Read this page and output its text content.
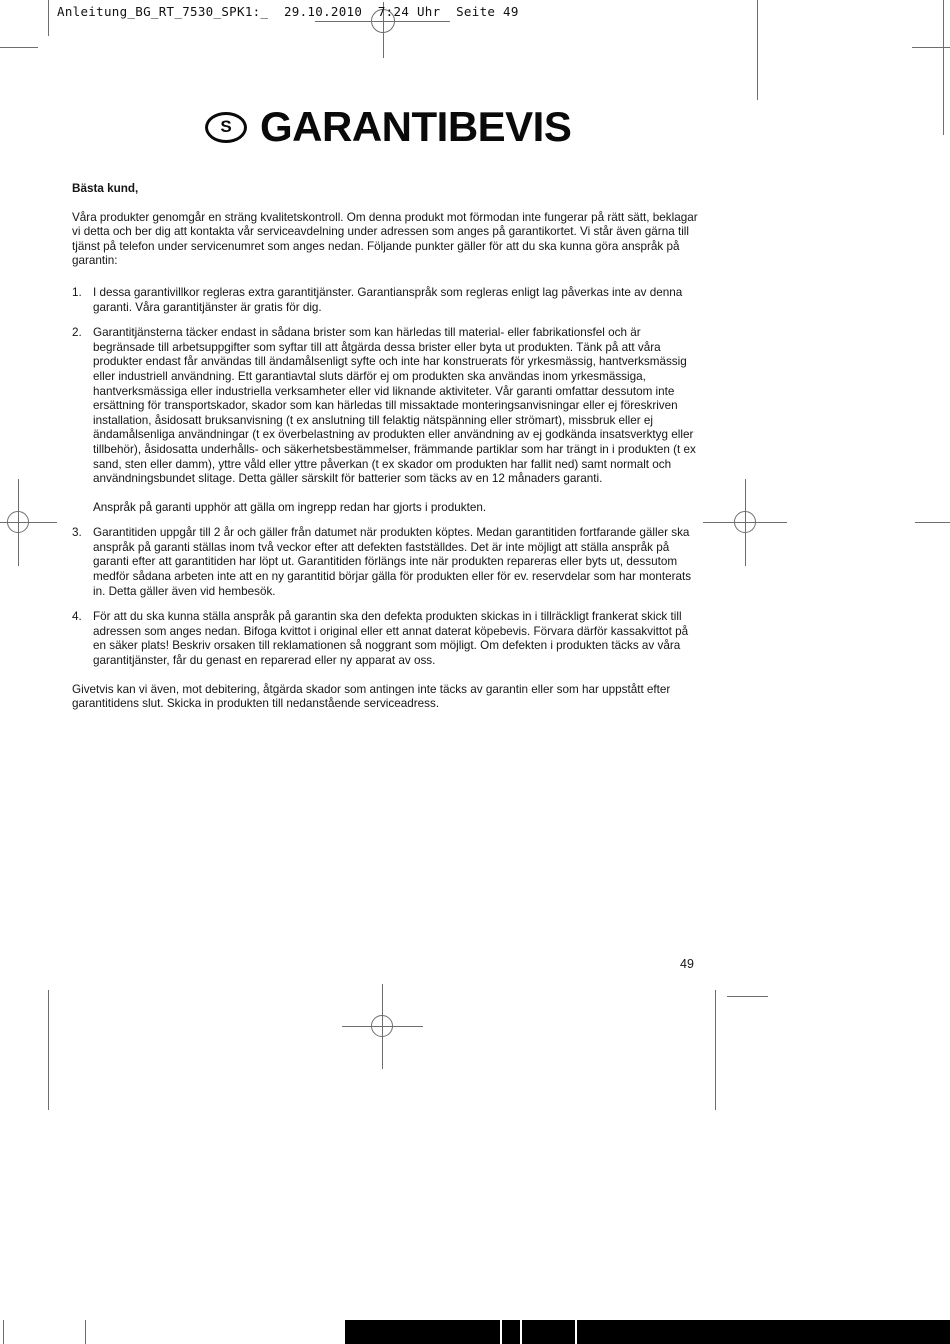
Anleitung_BG_RT_7530_SPK1:_  29.10.2010  7:24 Uhr  Seite 49
S GARANTIBEVIS
Bästa kund,
Våra produkter genomgår en sträng kvalitetskontroll. Om denna produkt mot förmodan inte fungerar på rätt sätt, beklagar vi detta och ber dig att kontakta vår serviceavdelning under adressen som anges på garantikortet. Vi står även gärna till tjänst på telefon under servicenumret som anges nedan. Följande punkter gäller för att du ska kunna göra anspråk på garantin:
1. I dessa garantivillkor regleras extra garantitjänster. Garantianspråk som regleras enligt lag påverkas inte av denna garanti. Våra garantitjänster är gratis för dig.
2. Garantitjänsterna täcker endast in sådana brister som kan härledas till material- eller fabrikationsfel och är begränsade till arbetsuppgifter som syftar till att åtgärda dessa brister eller byta ut produkten. Tänk på att våra produkter endast får användas till ändamålsenligt syfte och inte har konstruerats för yrkesmässig, hantverksmässig eller industriell användning. Ett garantiavtal sluts därför ej om produkten ska användas inom yrkesmässiga, hantverksmässiga eller industriella verksamheter eller vid liknande aktiviteter. Vår garanti omfattar dessutom inte ersättning för transportskador, skador som kan härledas till missaktade monteringsanvisningar eller ej föreskriven installation, åsidosatt bruksanvisning (t ex anslutning till felaktig nätspänning eller strömart), missbruk eller ej ändamålsenliga användningar (t ex överbelastning av produkten eller användning av ej godkända insatsverktyg eller tillbehör), åsidosatta underhålls- och säkerhetsbestämmelser, främmande partiklar som har trängt in i produkten (t ex sand, sten eller damm), yttre våld eller yttre påverkan (t ex skador om produkten har fallit ned) samt normalt och användningsbundet slitage. Detta gäller särskilt för batterier som täcks av en 12 månaders garanti.
Anspråk på garanti upphör att gälla om ingrepp redan har gjorts i produkten.
3. Garantitiden uppgår till 2 år och gäller från datumet när produkten köptes. Medan garantitiden fortfarande gäller ska anspråk på garanti ställas inom två veckor efter att defekten fastställdes. Det är inte möjligt att ställa anspråk på garanti efter att garantitiden har löpt ut. Garantitiden förlängs inte när produkten repareras eller byts ut, dessutom medför sådana arbeten inte att en ny garantitid börjar gälla för produkten eller för ev. reservdelar som har monterats in. Detta gäller även vid hembesök.
4. För att du ska kunna ställa anspråk på garantin ska den defekta produkten skickas in i tillräckligt frankerat skick till adressen som anges nedan. Bifoga kvittot i original eller ett annat daterat köpebevis. Förvara därför kassakvittot på en säker plats! Beskriv orsaken till reklamationen så noggrant som möjligt. Om defekten i produkten täcks av våra garantitjänster, får du genast en reparerad eller ny apparat av oss.
Givetvis kan vi även, mot debitering, åtgärda skador som antingen inte täcks av garantin eller som har uppstått efter garantitidens slut. Skicka in produkten till nedanstående serviceadress.
49
